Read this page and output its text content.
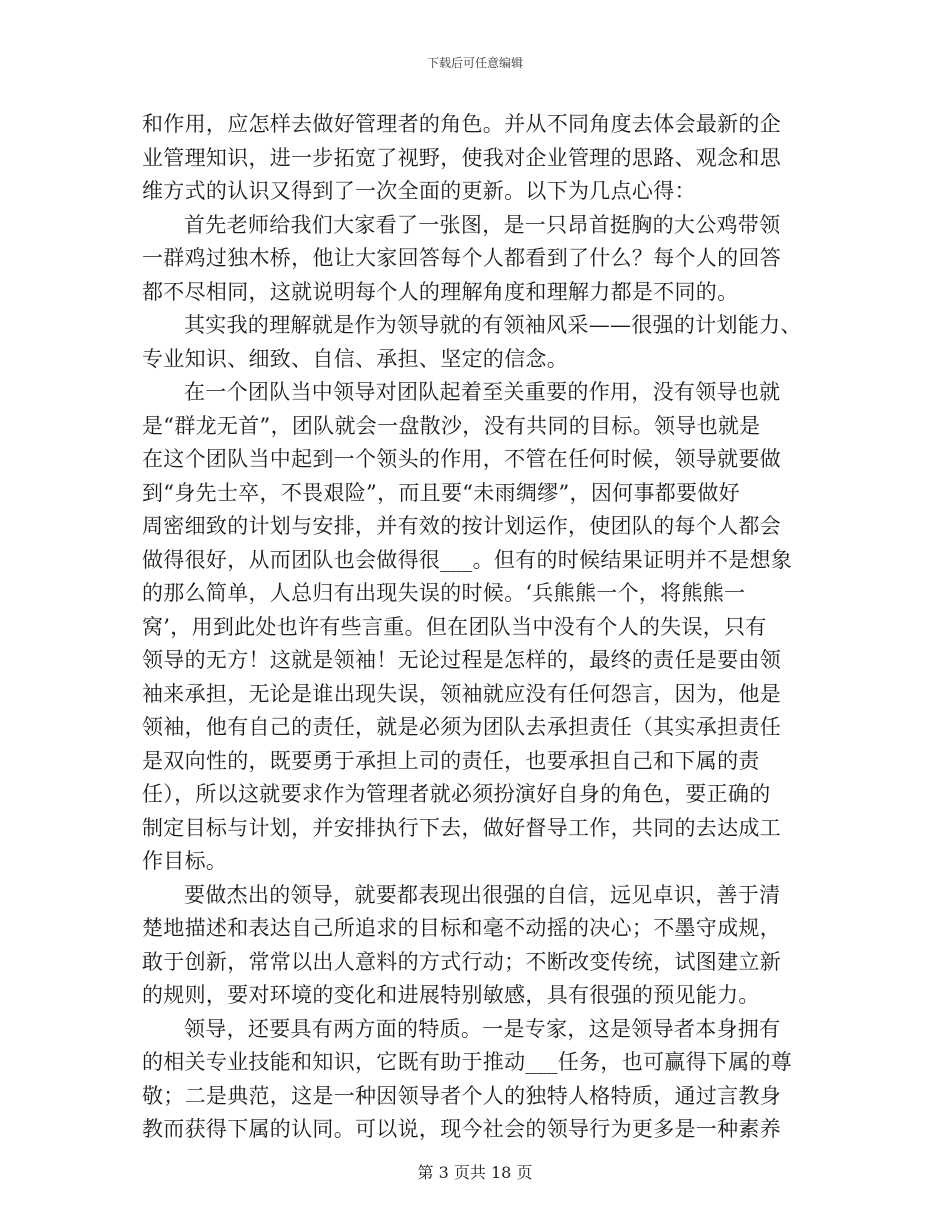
下载后可任意编辑
和作用，应怎样去做好管理者的角色。并从不同角度去体会最新的企
业管理知识，进一步拓宽了视野，使我对企业管理的思路、观念和思
维方式的认识又得到了一次全面的更新。以下为几点心得：
首先老师给我们大家看了一张图，是一只昂首挺胸的大公鸡带领
一群鸡过独木桥，他让大家回答每个人都看到了什么？每个人的回答
都不尽相同，这就说明每个人的理解角度和理解力都是不同的。
其实我的理解就是作为领导就的有领袖风采——很强的计划能力、
专业知识、细致、自信、承担、坚定的信念。
在一个团队当中领导对团队起着至关重要的作用，没有领导也就
是“群龙无首”，团队就会一盘散沙，没有共同的目标。领导也就是
在这个团队当中起到一个领头的作用，不管在任何时候，领导就要做
到“身先士卒，不畏艰险”，而且要“未雨绸缪”，因何事都要做好
周密细致的计划与安排，并有效的按计划运作，使团队的每个人都会
做得很好，从而团队也会做得很___。但有的时候结果证明并不是想象
的那么简单，人总归有出现失误的时候。‘兵熊熊一个，将熊熊一
窝’，用到此处也许有些言重。但在团队当中没有个人的失误，只有
领导的无方！这就是领袖！无论过程是怎样的，最终的责任是要由领
袖来承担，无论是谁出现失误，领袖就应没有任何怨言，因为，他是
领袖，他有自己的责任，就是必须为团队去承担责任（其实承担责任
是双向性的，既要勇于承担上司的责任，也要承担自己和下属的责
任），所以这就要求作为管理者就必须扮演好自身的角色，要正确的
制定目标与计划，并安排执行下去，做好督导工作，共同的去达成工
作目标。
要做杰出的领导，就要都表现出很强的自信，远见卓识，善于清
楚地描述和表达自己所追求的目标和毫不动摇的决心；不墨守成规，
敢于创新，常常以出人意料的方式行动；不断改变传统，试图建立新
的规则，要对环境的变化和进展特别敏感，具有很强的预见能力。
领导，还要具有两方面的特质。一是专家，这是领导者本身拥有
的相关专业技能和知识，它既有助于推动___任务，也可赢得下属的尊
敬；二是典范，这是一种因领导者个人的独特人格特质，通过言教身
教而获得下属的认同。可以说，现今社会的领导行为更多是一种素养
第 3 页共 18 页
